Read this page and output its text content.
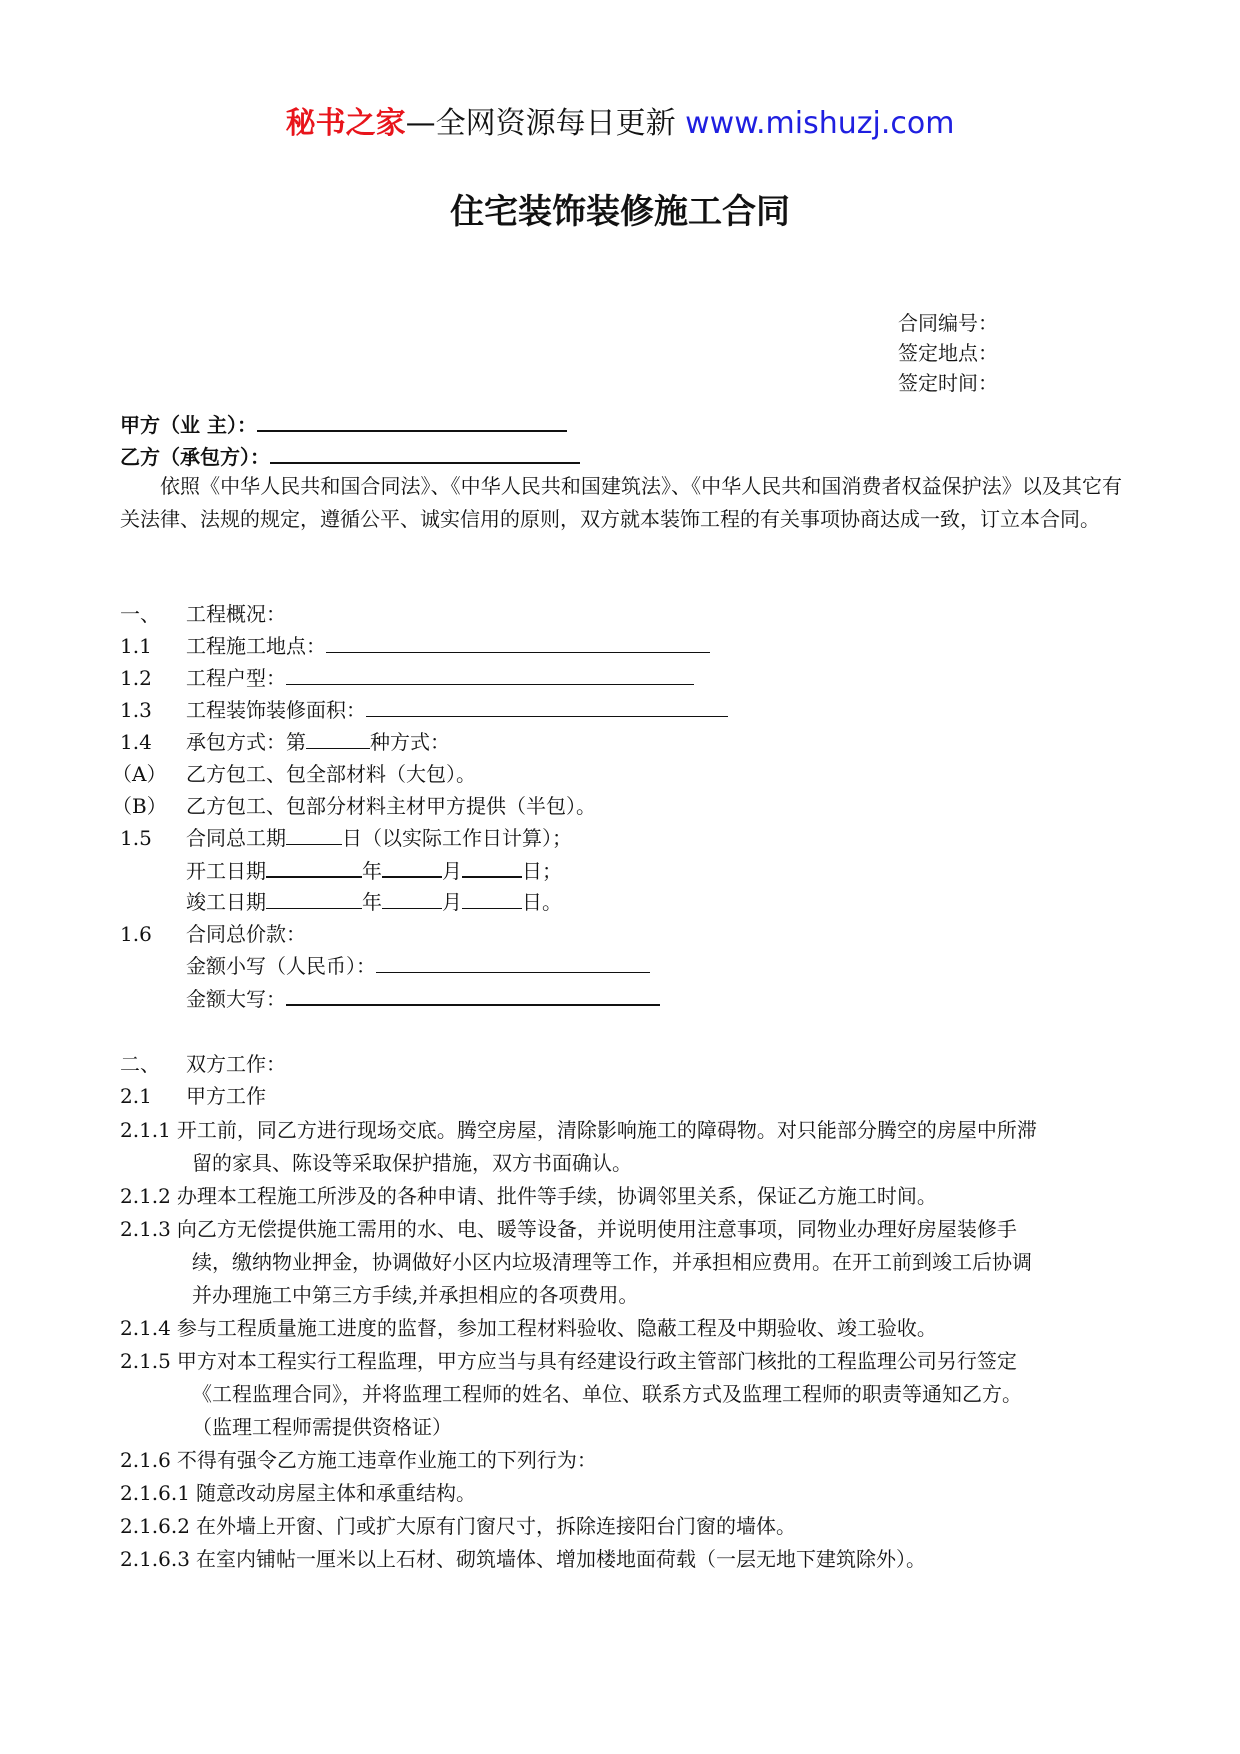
秘书之家—全网资源每日更新 www.mishuzj.com
住宅装饰装修施工合同
合同编号：
签定地点：
签定时间：
甲方（业 主）：
乙方（承包方）：
依照《中华人民共和国合同法》、《中华人民共和国建筑法》、《中华人民共和国消费者权益保护法》以及其它有关法律、法规的规定，遵循公平、诚实信用的原则，双方就本装饰工程的有关事项协商达成一致，订立本合同。
一、 工程概况：
1.1 工程施工地点：
1.2 工程户型：
1.3 工程装饰装修面积：
1.4 承包方式：第	种方式：
（A） 乙方包工、包全部材料（大包）。
（B） 乙方包工、包部分材料主材甲方提供（半包）。
1.5 合同总工期	日（以实际工作日计算）；
开工日期	年	月	日；
竣工日期	年	月	日。
1.6 合同总价款：
金额小写（人民币）：
金额大写：
二、 双方工作：
2.1 甲方工作
2.1.1 开工前，同乙方进行现场交底。腾空房屋，清除影响施工的障碍物。对只能部分腾空的房屋中所滞
留的家具、陈设等采取保护措施，双方书面确认。
2.1.2 办理本工程施工所涉及的各种申请、批件等手续，协调邻里关系，保证乙方施工时间。
2.1.3 向乙方无偿提供施工需用的水、电、暖等设备，并说明使用注意事项，同物业办理好房屋装修手
续，缴纳物业押金，协调做好小区内垃圾清理等工作，并承担相应费用。在开工前到竣工后协调
并办理施工中第三方手续,并承担相应的各项费用。
2.1.4 参与工程质量施工进度的监督，参加工程材料验收、隐蔽工程及中期验收、竣工验收。
2.1.5 甲方对本工程实行工程监理，甲方应当与具有经建设行政主管部门核批的工程监理公司另行签定
《工程监理合同》，并将监理工程师的姓名、单位、联系方式及监理工程师的职责等通知乙方。
（监理工程师需提供资格证）
2.1.6 不得有强令乙方施工违章作业施工的下列行为：
2.1.6.1 随意改动房屋主体和承重结构。
2.1.6.2 在外墙上开窗、门或扩大原有门窗尺寸，拆除连接阳台门窗的墙体。
2.1.6.3 在室内铺帖一厘米以上石材、砌筑墙体、增加楼地面荷载（一层无地下建筑除外）。
